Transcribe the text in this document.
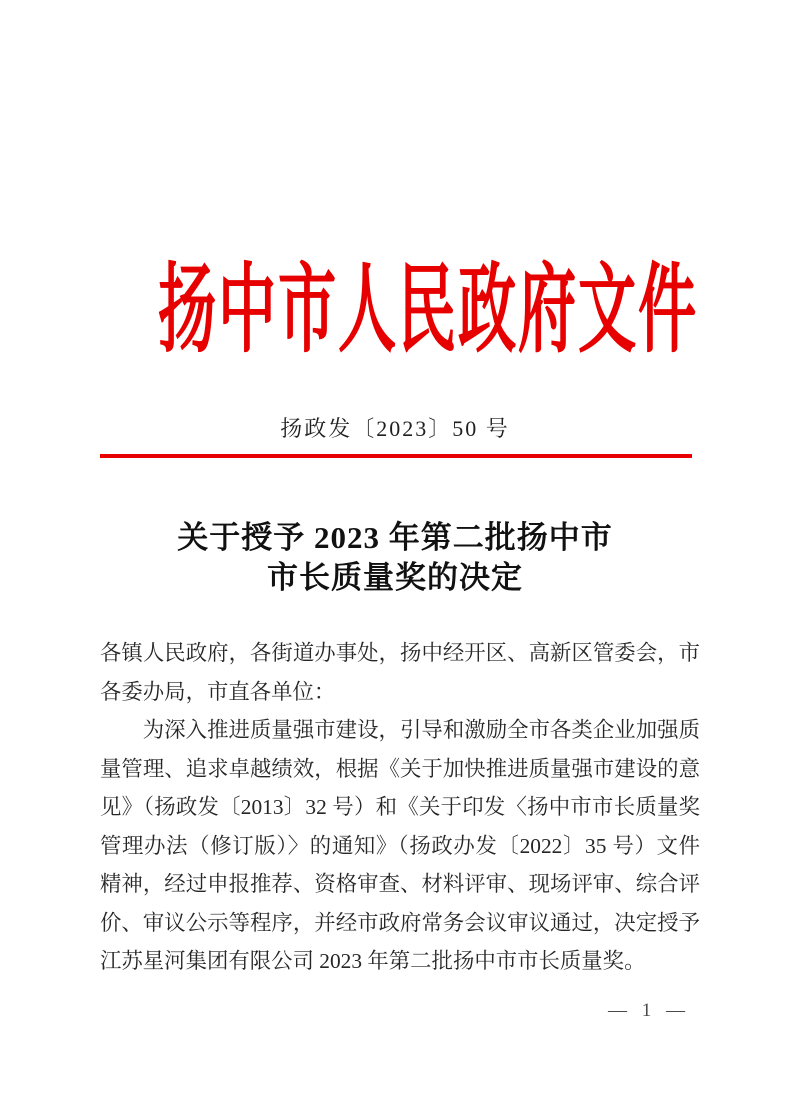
扬中市人民政府文件
扬政发〔2023〕50 号
关于授予 2023 年第二批扬中市
市长质量奖的决定

各镇人民政府，各街道办事处，扬中经开区、高新区管委会，市各委办局，市直各单位：

为深入推进质量强市建设，引导和激励全市各类企业加强质量管理、追求卓越绩效，根据《关于加快推进质量强市建设的意见》（扬政发〔2013〕32 号）和《关于印发〈扬中市市长质量奖管理办法（修订版）〉的通知》（扬政办发〔2022〕35 号）文件精神，经过申报推荐、资格审查、材料评审、现场评审、综合评价、审议公示等程序，并经市政府常务会议审议通过，决定授予江苏星河集团有限公司 2023 年第二批扬中市市长质量奖。

— 1 —
